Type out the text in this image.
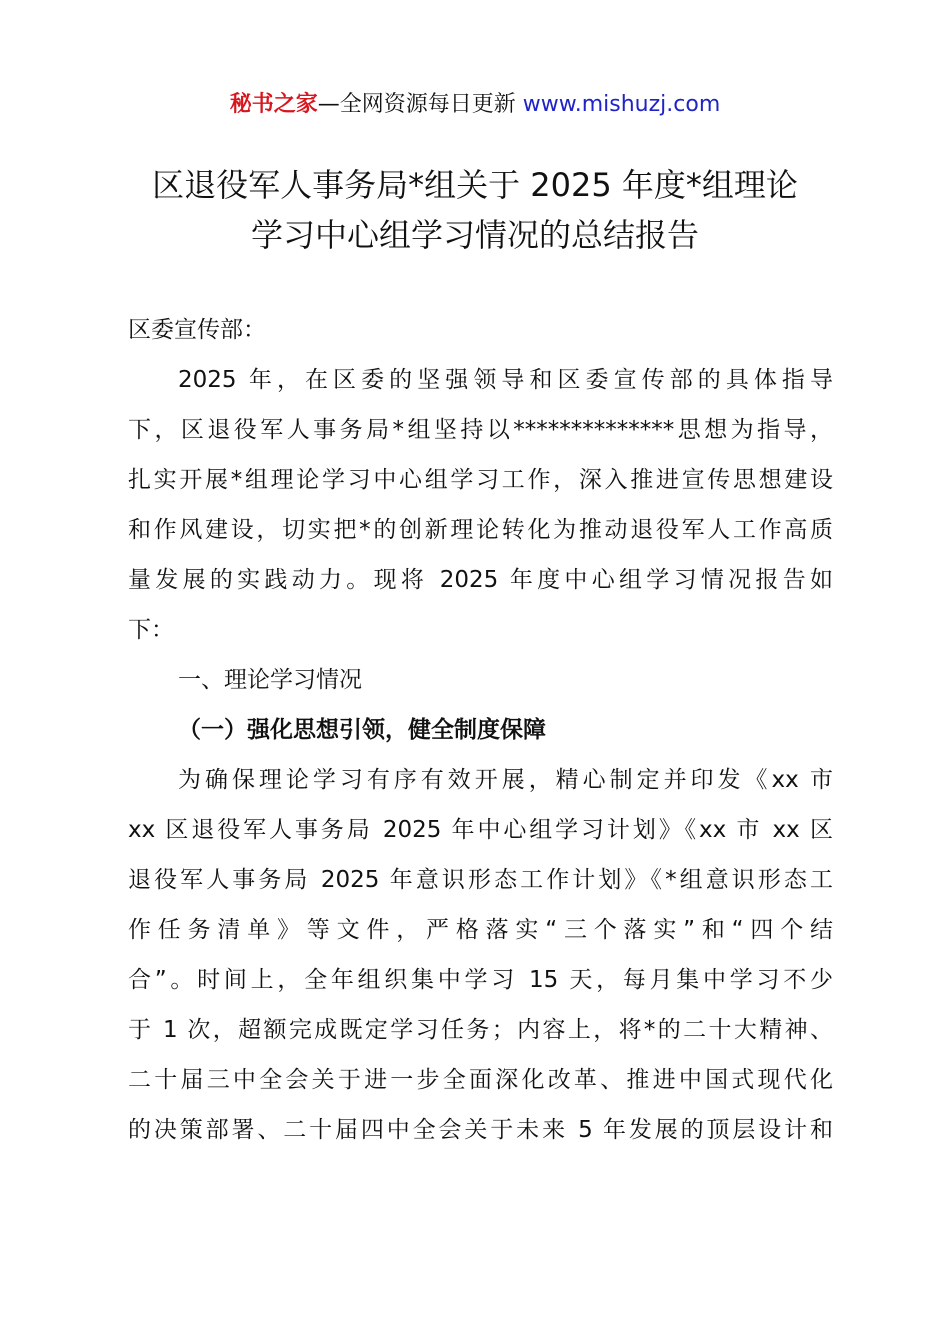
秘书之家—全网资源每日更新 www.mishuzj.com
区退役军人事务局*组关于 2025 年度*组理论
学习中心组学习情况的总结报告
区委宣传部：
2025 年，在区委的坚强领导和区委宣传部的具体指导
下，区退役军人事务局*组坚持以**************思想为指导，
扎实开展*组理论学习中心组学习工作，深入推进宣传思想建设
和作风建设，切实把*的创新理论转化为推动退役军人工作高质
量发展的实践动力。现将 2025 年度中心组学习情况报告如
下：
一、理论学习情况
（一）强化思想引领，健全制度保障
为确保理论学习有序有效开展，精心制定并印发《xx 市
xx 区退役军人事务局 2025 年中心组学习计划》《xx 市 xx 区
退役军人事务局 2025 年意识形态工作计划》《*组意识形态工
作任务清单》等文件，严格落实“三个落实”和“四个结
合”。时间上，全年组织集中学习 15 天，每月集中学习不少
于 1 次，超额完成既定学习任务；内容上，将*的二十大精神、
二十届三中全会关于进一步全面深化改革、推进中国式现代化
的决策部署、二十届四中全会关于未来 5 年发展的顶层设计和
